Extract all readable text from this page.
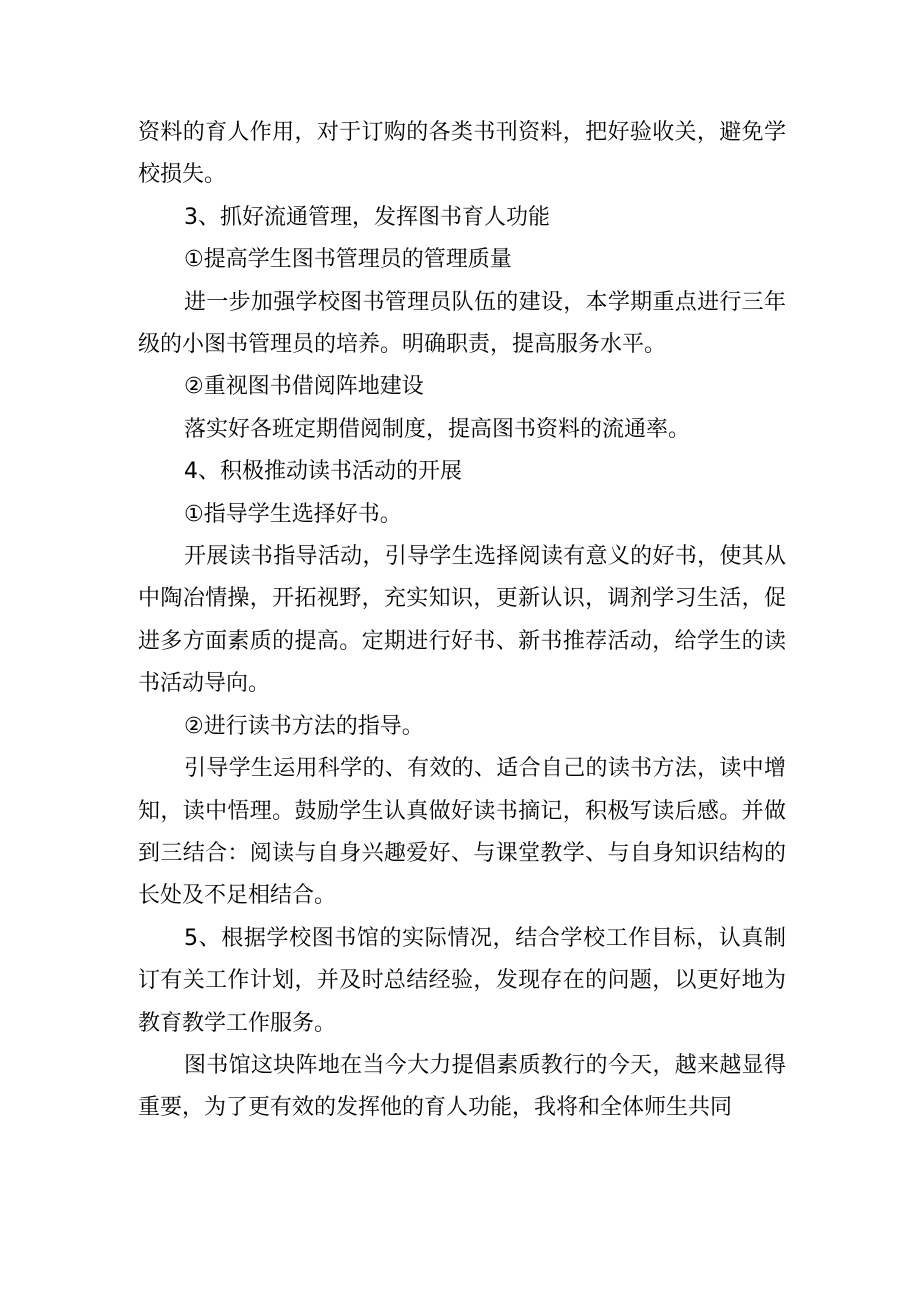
资料的育人作用，对于订购的各类书刊资料，把好验收关，避免学校损失。

3、抓好流通管理，发挥图书育人功能

①提高学生图书管理员的管理质量

进一步加强学校图书管理员队伍的建设，本学期重点进行三年级的小图书管理员的培养。明确职责，提高服务水平。

②重视图书借阅阵地建设

落实好各班定期借阅制度，提高图书资料的流通率。

4、积极推动读书活动的开展

①指导学生选择好书。

开展读书指导活动，引导学生选择阅读有意义的好书，使其从中陶冶情操，开拓视野，充实知识，更新认识，调剂学习生活，促进多方面素质的提高。定期进行好书、新书推荐活动，给学生的读书活动导向。

②进行读书方法的指导。

引导学生运用科学的、有效的、适合自己的读书方法，读中增知，读中悟理。鼓励学生认真做好读书摘记，积极写读后感。并做到三结合：阅读与自身兴趣爱好、与课堂教学、与自身知识结构的长处及不足相结合。

5、根据学校图书馆的实际情况，结合学校工作目标，认真制订有关工作计划，并及时总结经验，发现存在的问题，以更好地为教育教学工作服务。

图书馆这块阵地在当今大力提倡素质教行的今天，越来越显得重要，为了更有效的发挥他的育人功能，我将和全体师生共同
